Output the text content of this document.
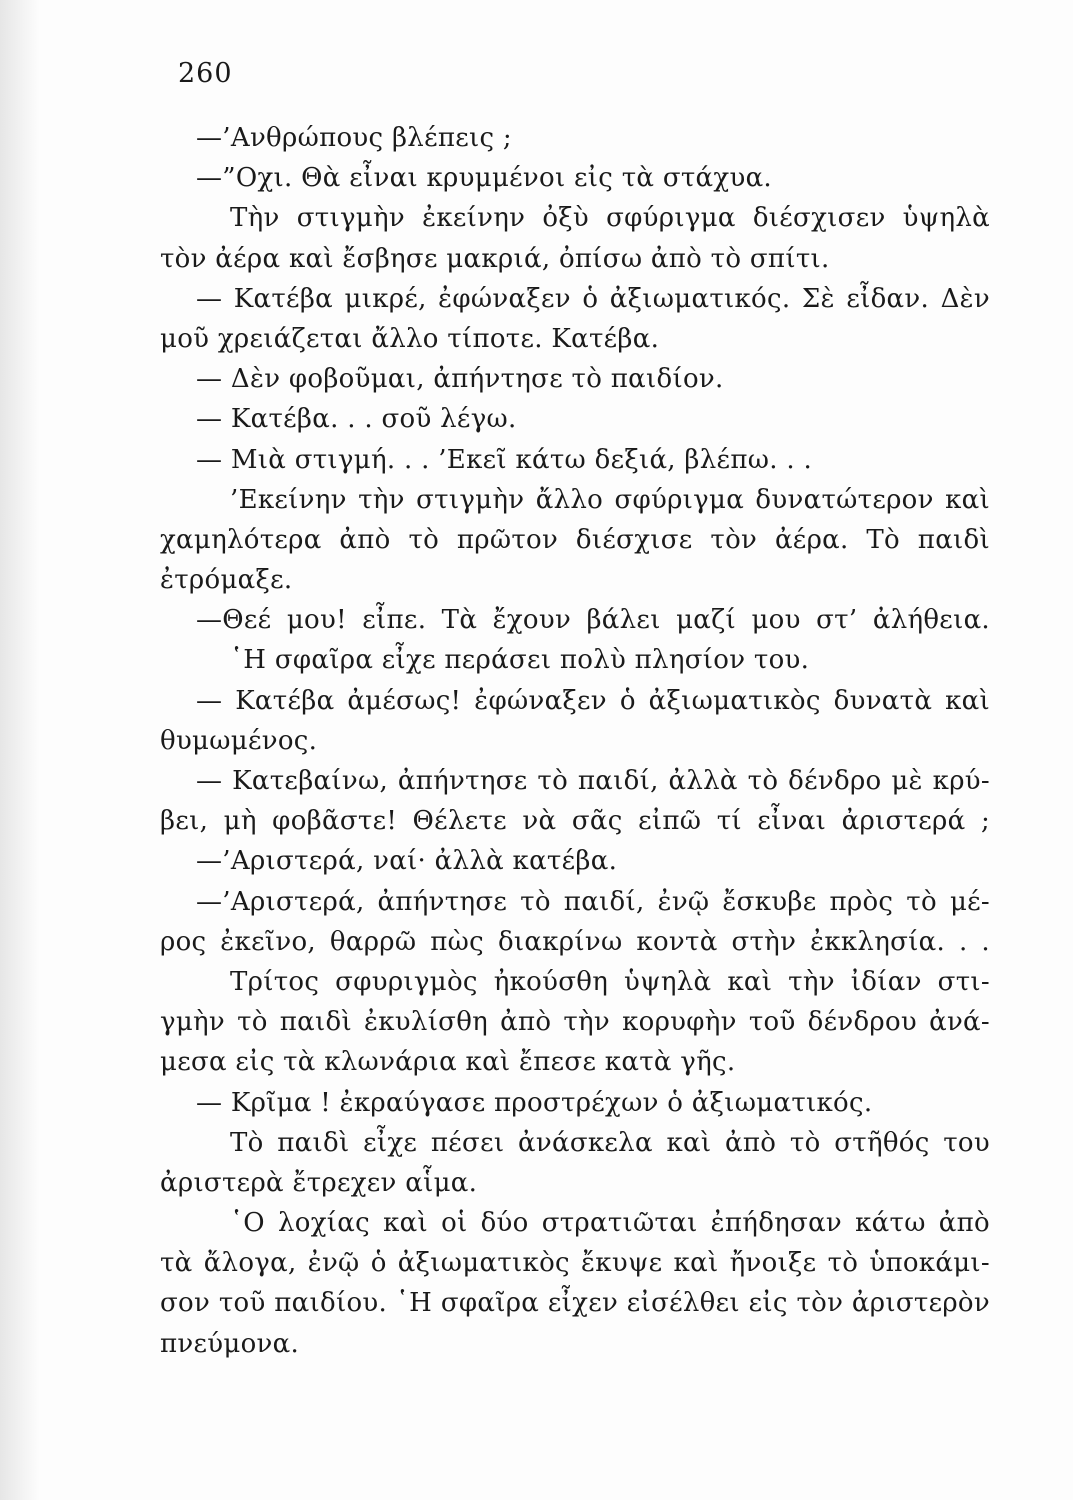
260
—’Ανθρώπους βλέπεις ;
—”Οχι. Θὰ εἶναι κρυμμένοι εἰς τὰ στάχυα.
Τὴν στιγμὴν ἐκείνην ὀξὺ σφύριγμα διέσχισεν ὑψηλὰ
τὸν ἀέρα καὶ ἔσβησε μακριά, ὀπίσω ἀπὸ τὸ σπίτι.
— Κατέβα μικρέ, ἐφώναξεν ὁ ἀξιωματικός. Σὲ εἶδαν. Δὲν
μοῦ χρειάζεται ἄλλο τίποτε. Κατέβα.
— Δὲν φοβοῦμαι, ἀπήντησε τὸ παιδίον.
— Κατέβα. . . σοῦ λέγω.
— Μιὰ στιγμή. . . ’Εκεῖ κάτω δεξιά, βλέπω. . .
’Εκείνην τὴν στιγμὴν ἄλλο σφύριγμα δυνατώτερον καὶ
χαμηλότερα ἀπὸ τὸ πρῶτον διέσχισε τὸν ἀέρα. Τὸ παιδὶ
ἐτρόμαξε.
—Θεέ μου! εἶπε. Τὰ ἔχουν βάλει μαζί μου στ’ ἀλήθεια.
῾Η σφαῖρα εἶχε περάσει πολὺ πλησίον του.
— Κατέβα ἀμέσως! ἐφώναξεν ὁ ἀξιωματικὸς δυνατὰ καὶ
θυμωμένος.
— Κατεβαίνω, ἀπήντησε τὸ παιδί, ἀλλὰ τὸ δένδρο μὲ κρύ-
βει, μὴ φοβᾶστε! Θέλετε νὰ σᾶς εἰπῶ τί εἶναι ἀριστερά ;
—’Αριστερά, ναί· ἀλλὰ κατέβα.
—’Αριστερά, ἀπήντησε τὸ παιδί, ἐνῷ ἔσκυβε πρὸς τὸ μέ-
ρος ἐκεῖνο, θαρρῶ πὼς διακρίνω κοντὰ στὴν ἐκκλησία. . .
Τρίτος σφυριγμὸς ἠκούσθη ὑψηλὰ καὶ τὴν ἰδίαν στι-
γμὴν τὸ παιδὶ ἐκυλίσθη ἀπὸ τὴν κορυφὴν τοῦ δένδρου ἀνά-
μεσα εἰς τὰ κλωνάρια καὶ ἔπεσε κατὰ γῆς.
— Κρῖμα ! ἐκραύγασε προστρέχων ὁ ἀξιωματικός.
Τὸ παιδὶ εἶχε πέσει ἀνάσκελα καὶ ἀπὸ τὸ στῆθός του
ἀριστερὰ ἔτρεχεν αἷμα.
῾Ο λοχίας καὶ οἱ δύο στρατιῶται ἐπήδησαν κάτω ἀπὸ
τὰ ἄλογα, ἐνῷ ὁ ἀξιωματικὸς ἔκυψε καὶ ἤνοιξε τὸ ὑποκάμι-
σον τοῦ παιδίου. ῾Η σφαῖρα εἶχεν εἰσέλθει εἰς τὸν ἀριστερὸν
πνεύμονα.
